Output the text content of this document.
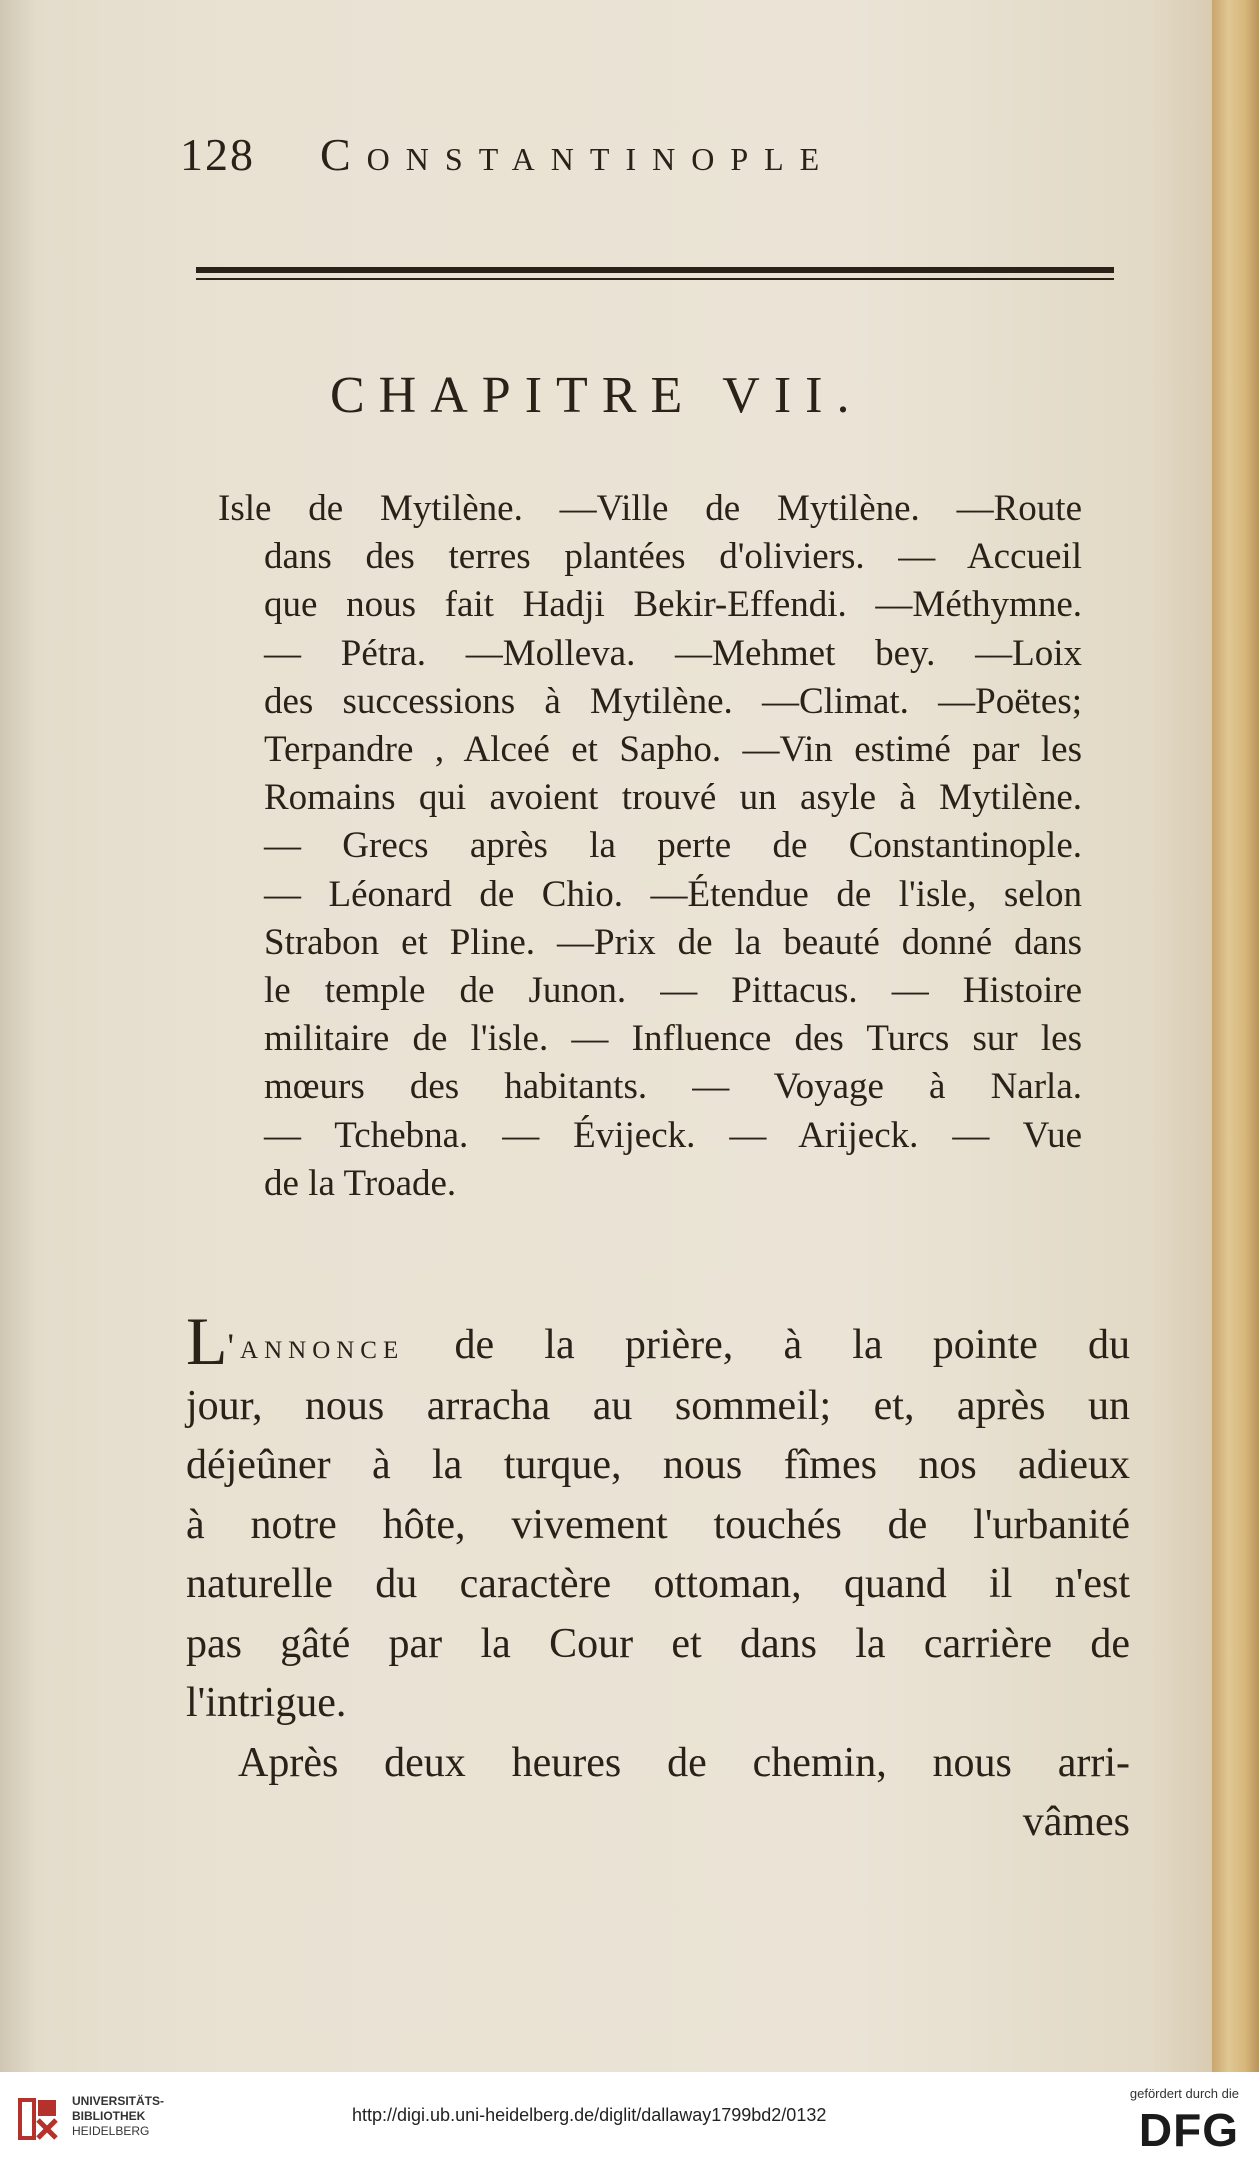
128 Constantinople
CHAPITRE VII.
Isle de Mytilène. —Ville de Mytilène. —Route
dans des terres plantées d'oliviers. — Accueil
que nous fait Hadji Bekir-Effendi. —Méthymne.
— Pétra. —Molleva. —Mehmet bey. —Loix
des successions à Mytilène. —Climat. —Poëtes;
Terpandre , Alceé et Sapho. —Vin estimé par les
Romains qui avoient trouvé un asyle à Mytilène.
— Grecs après la perte de Constantinople.
— Léonard de Chio. —Étendue de l'isle, selon
Strabon et Pline. —Prix de la beauté donné dans
le temple de Junon. — Pittacus. — Histoire
militaire de l'isle. — Influence des Turcs sur les
mœurs des habitants. — Voyage à Narla.
— Tchebna. — Évijeck. — Arijeck. — Vue
de la Troade.
L'annonce de la prière, à la pointe du
jour, nous arracha au sommeil; et, après un
déjeûner à la turque, nous fîmes nos adieux
à notre hôte, vivement touchés de l'urbanité
naturelle du caractère ottoman, quand il n'est
pas gâté par la Cour et dans la carrière de
l'intrigue.
Après deux heures de chemin, nous arri-
vâmes
UNIVERSITÄTS-
BIBLIOTHEK
HEIDELBERG
http://digi.ub.uni-heidelberg.de/diglit/dallaway1799bd2/0132
gefördert durch die
DFG
